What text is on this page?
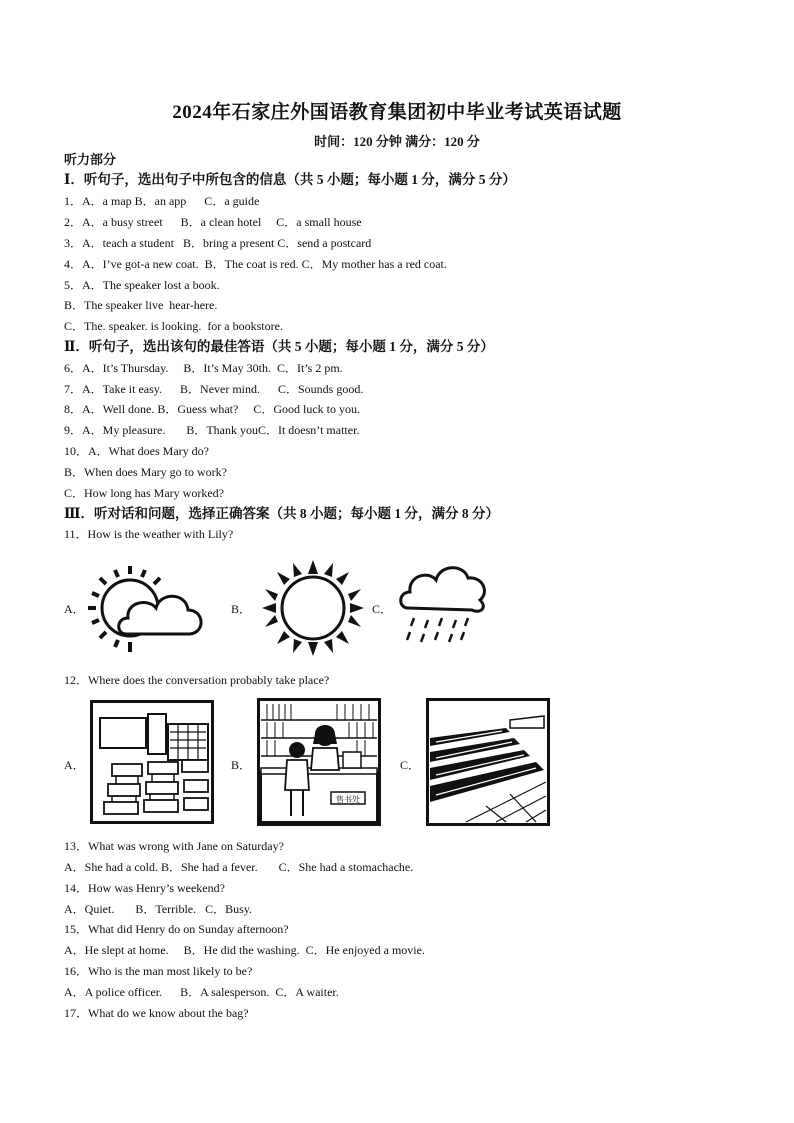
2024年石家庄外国语教育集团初中毕业考试英语试题
时间：120 分钟 满分：120 分
听力部分
Ⅰ．听句子，选出句子中所包含的信息（共 5 小题；每小题 1 分，满分 5 分）
1．A．a map B．an app      C．a guide
2．A．a busy street      B．a clean hotel     C．a small house
3．A．teach a student   B．bring a present C．send a postcard
4．A．I’ve got-a new coat.  B．The coat is red. C．My mother has a red coat.
5．A．The speaker lost a book.
B．The speaker live  hear-here.
C．The. speaker. is looking.  for a bookstore.
Ⅱ．听句子，选出该句的最佳答语（共 5 小题；每小题 1 分，满分 5 分）
6．A．It’s Thursday.     B．It’s May 30th.  C．It’s 2 pm.
7．A．Take it easy.      B．Never mind.      C．Sounds good.
8．A．Well done. B．Guess what?     C．Good luck to you.
9．A．My pleasure.       B．Thank youC．It doesn’t matter.
10．A．What does Mary do?
B．When does Mary go to work?
C．How long has Mary worked?
Ⅲ．听对话和问题，选择正确答案（共 8 小题；每小题 1 分，满分 8 分）
11．How is the weather with Lily?
A．	B．	C．
12．Where does the conversation probably take place?
A．	B．
售书处
C．
13．What was wrong with Jane on Saturday?
A．She had a cold. B．She had a fever.       C．She had a stomachache.
14．How was Henry’s weekend?
A．Quiet.       B．Terrible.   C．Busy.
15．What did Henry do on Sunday afternoon?
A．He slept at home.     B．He did the washing.  C．He enjoyed a movie.
16．Who is the man most likely to be?
A．A police officer.      B．A salesperson.  C．A waiter.
17．What do we know about the bag?
